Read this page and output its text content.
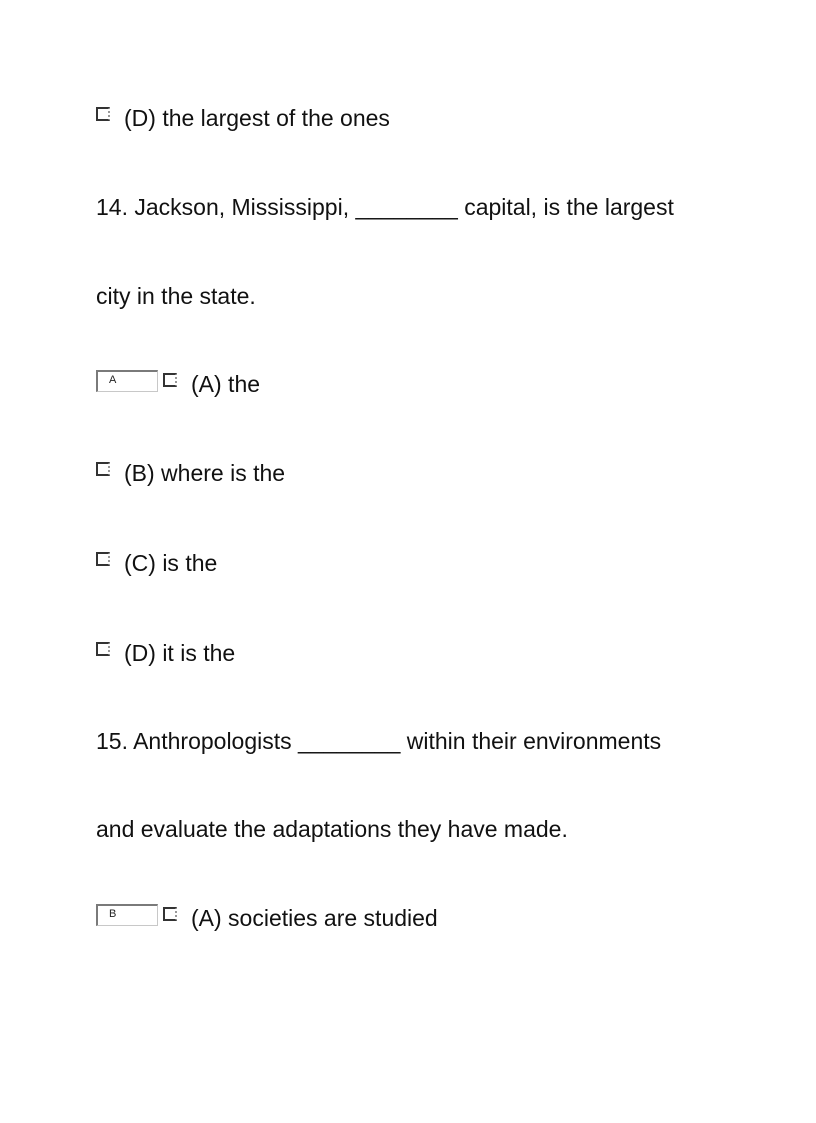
(D) the largest of the ones
14. Jackson, Mississippi, ________ capital, is the largest
city in the state.
A	(A) the
(B) where is the
(C) is the
(D) it is the
15. Anthropologists ________ within their environments
and evaluate the adaptations they have made.
B	(A) societies are studied
